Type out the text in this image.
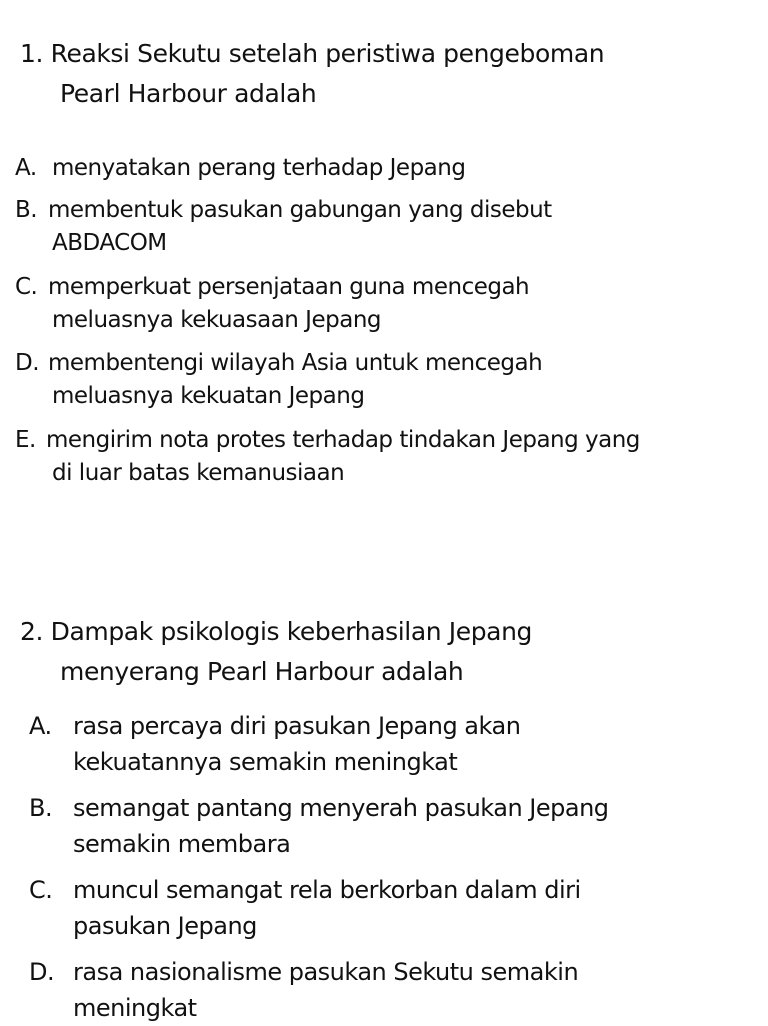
1. Reaksi Sekutu setelah peristiwa pengeboman
Pearl Harbour adalah
A. menyatakan perang terhadap Jepang
B. membentuk pasukan gabungan yang disebut
ABDACOM
C. memperkuat persenjataan guna mencegah
meluasnya kekuasaan Jepang
D. membentengi wilayah Asia untuk mencegah
meluasnya kekuatan Jepang
E. mengirim nota protes terhadap tindakan Jepang yang
di luar batas kemanusiaan
2. Dampak psikologis keberhasilan Jepang
menyerang Pearl Harbour adalah
A. rasa percaya diri pasukan Jepang akan
kekuatannya semakin meningkat
B. semangat pantang menyerah pasukan Jepang
semakin membara
C. muncul semangat rela berkorban dalam diri
pasukan Jepang
D. rasa nasionalisme pasukan Sekutu semakin
meningkat
